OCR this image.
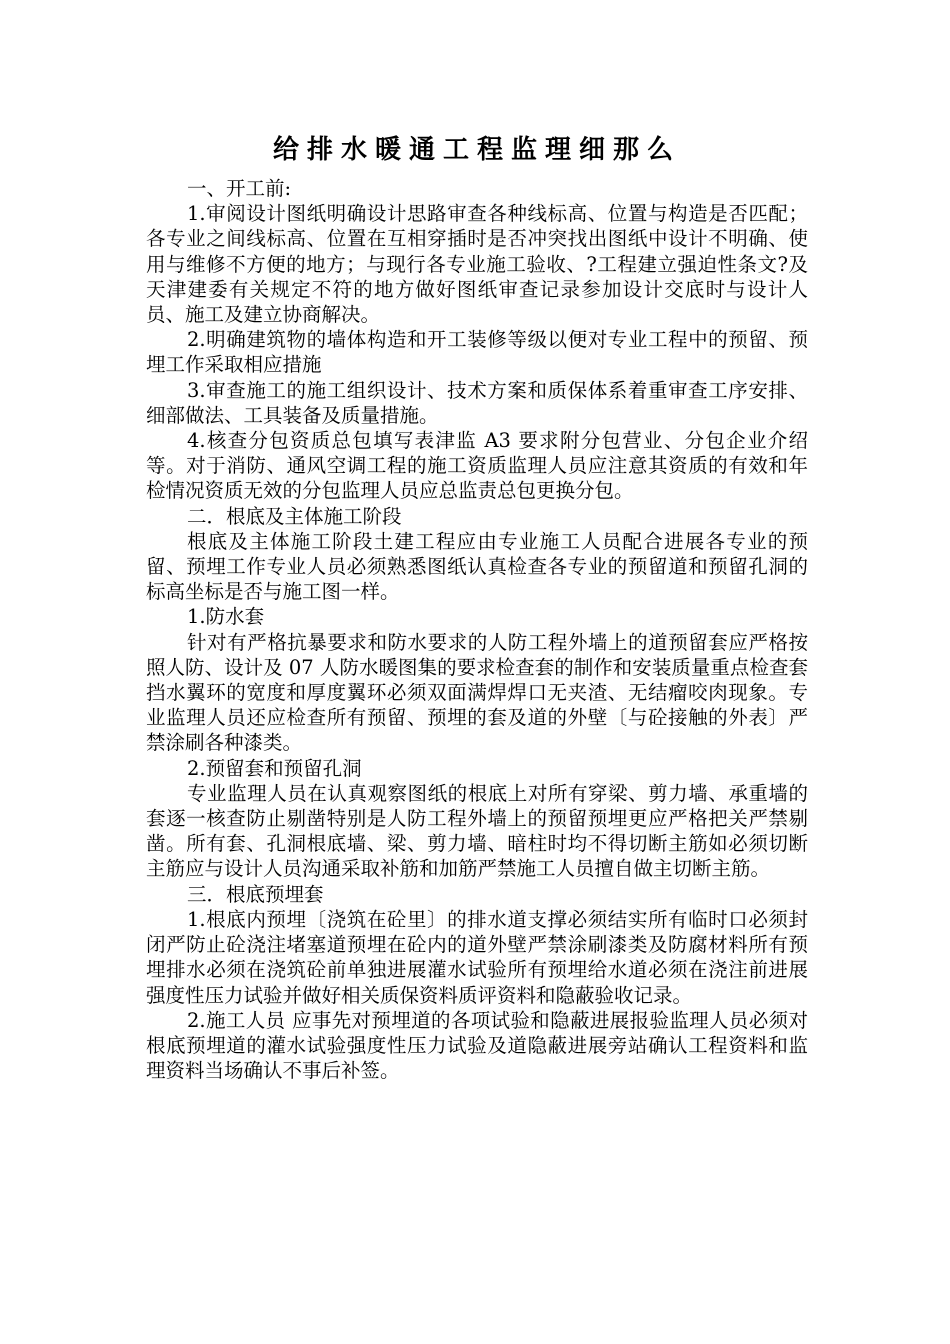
给排水暖通工程监理细那么

一、开工前:

1.审阅设计图纸明确设计思路审查各种线标高、位置与构造是否匹配；各专业之间线标高、位置在互相穿插时是否冲突找出图纸中设计不明确、使用与维修不方便的地方；与现行各专业施工验收、?工程建立强迫性条文?及天津建委有关规定不符的地方做好图纸审查记录参加设计交底时与设计人员、施工及建立协商解决。

2.明确建筑物的墙体构造和开工装修等级以便对专业工程中的预留、预埋工作采取相应措施

3.审查施工的施工组织设计、技术方案和质保体系着重审查工序安排、细部做法、工具装备及质量措施。

4.核查分包资质总包填写表津监 A3 要求附分包营业、分包企业介绍等。对于消防、通风空调工程的施工资质监理人员应注意其资质的有效和年检情况资质无效的分包监理人员应总监责总包更换分包。

二．根底及主体施工阶段

根底及主体施工阶段土建工程应由专业施工人员配合进展各专业的预留、预埋工作专业人员必须熟悉图纸认真检查各专业的预留道和预留孔洞的标高坐标是否与施工图一样。

1.防水套

针对有严格抗暴要求和防水要求的人防工程外墙上的道预留套应严格按照人防、设计及 07 人防水暖图集的要求检查套的制作和安装质量重点检查套挡水翼环的宽度和厚度翼环必须双面满焊焊口无夹渣、无结瘤咬肉现象。专业监理人员还应检查所有预留、预埋的套及道的外壁〔与砼接触的外表〕严禁涂刷各种漆类。

2.预留套和预留孔洞

专业监理人员在认真观察图纸的根底上对所有穿梁、剪力墙、承重墙的套逐一核查防止剔凿特别是人防工程外墙上的预留预埋更应严格把关严禁剔凿。所有套、孔洞根底墙、梁、剪力墙、暗柱时均不得切断主筋如必须切断主筋应与设计人员沟通采取补筋和加筋严禁施工人员擅自做主切断主筋。

三．根底预埋套

1.根底内预埋〔浇筑在砼里〕的排水道支撑必须结实所有临时口必须封闭严防止砼浇注堵塞道预埋在砼内的道外壁严禁涂刷漆类及防腐材料所有预埋排水必须在浇筑砼前单独进展灌水试验所有预埋给水道必须在浇注前进展强度性压力试验并做好相关质保资料质评资料和隐蔽验收记录。

2.施工人员 应事先对预埋道的各项试验和隐蔽进展报验监理人员必须对根底预埋道的灌水试验强度性压力试验及道隐蔽进展旁站确认工程资料和监理资料当场确认不事后补签。
